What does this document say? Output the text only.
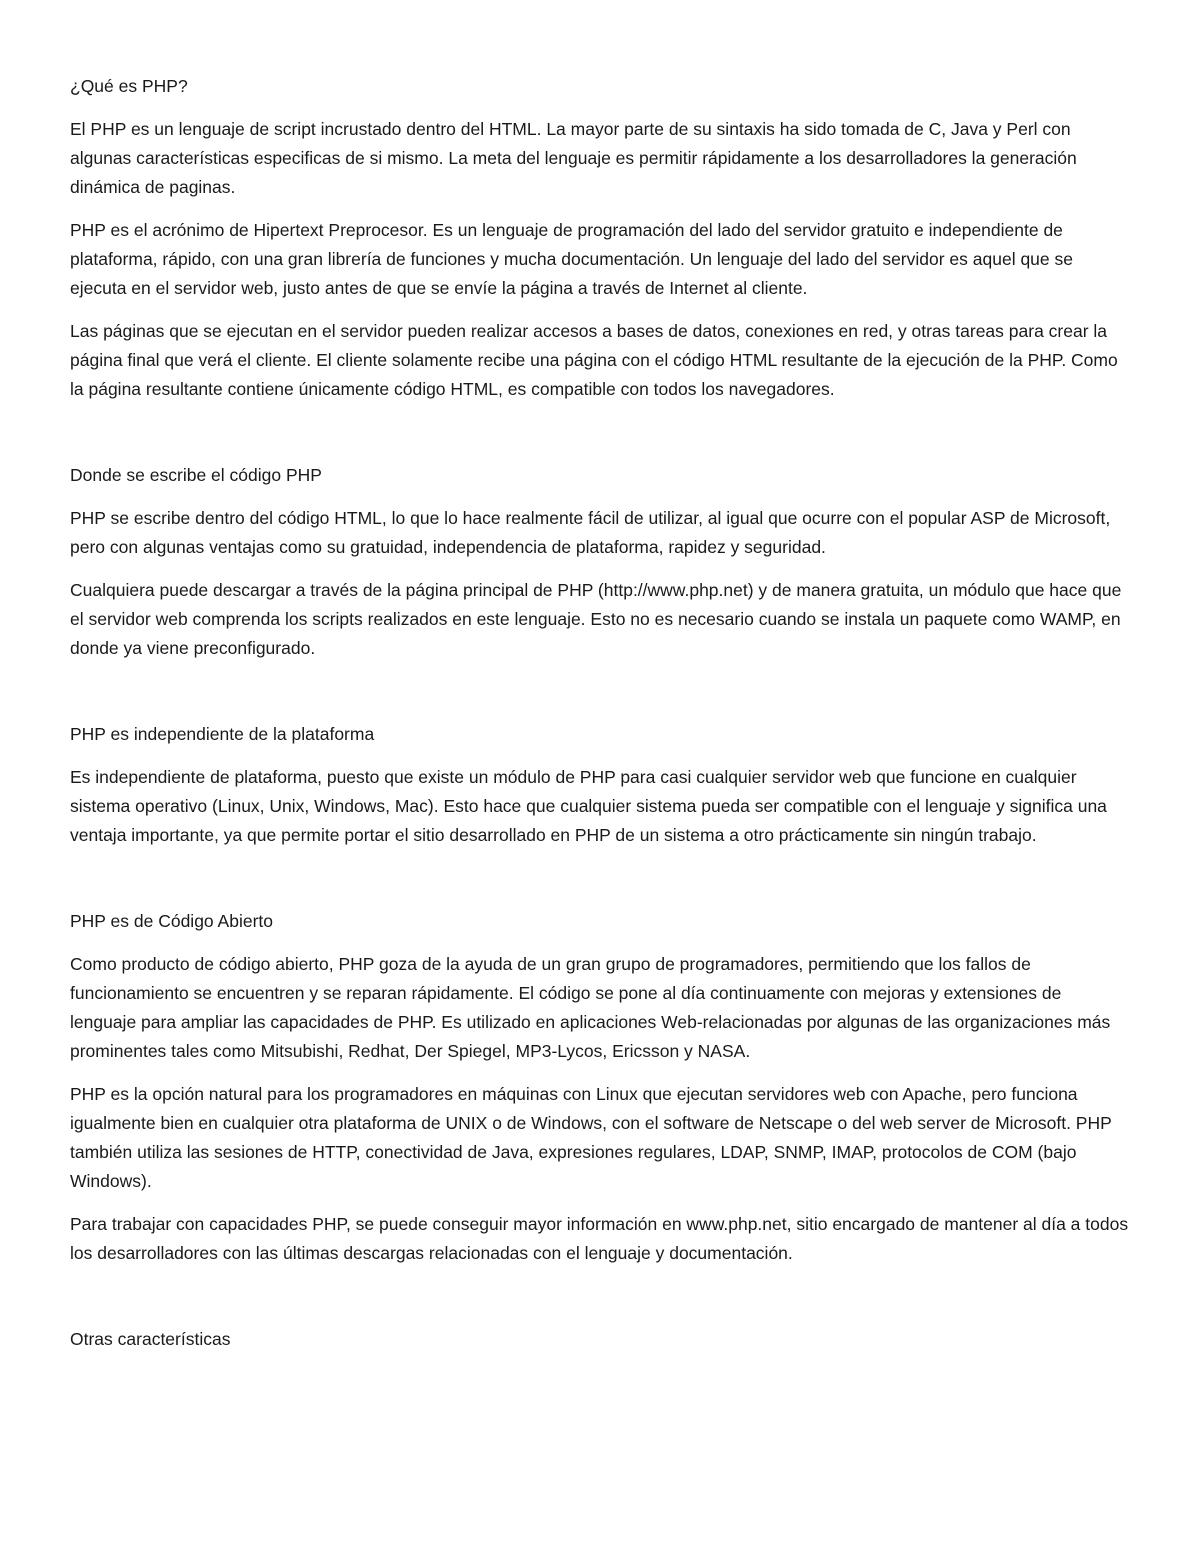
¿Qué es PHP?

El PHP es un lenguaje de script incrustado dentro del HTML. La mayor parte de su sintaxis ha sido tomada de C, Java y Perl con algunas características especificas de si mismo. La meta del lenguaje es permitir rápidamente a los desarrolladores la generación dinámica de paginas.

PHP es el acrónimo de Hipertext Preprocesor. Es un lenguaje de programación del lado del servidor gratuito e independiente de plataforma, rápido, con una gran librería de funciones y mucha documentación. Un lenguaje del lado del servidor es aquel que se ejecuta en el servidor web, justo antes de que se envíe la página a través de Internet al cliente.

Las páginas que se ejecutan en el servidor pueden realizar accesos a bases de datos, conexiones en red, y otras tareas para crear la página final que verá el cliente. El cliente solamente recibe una página con el código HTML resultante de la ejecución de la PHP. Como la página resultante contiene únicamente código HTML, es compatible con todos los navegadores.

Donde se escribe el código PHP

PHP se escribe dentro del código HTML, lo que lo hace realmente fácil de utilizar, al igual que ocurre con el popular ASP de Microsoft, pero con algunas ventajas como su gratuidad, independencia de plataforma, rapidez y seguridad.

Cualquiera puede descargar a través de la página principal de PHP (http://www.php.net) y de manera gratuita, un módulo que hace que el servidor web comprenda los scripts realizados en este lenguaje. Esto no es necesario cuando se instala un paquete como WAMP, en donde ya viene preconfigurado.

PHP es independiente de la plataforma

Es independiente de plataforma, puesto que existe un módulo de PHP para casi cualquier servidor web que funcione en cualquier sistema operativo (Linux, Unix, Windows, Mac). Esto hace que cualquier sistema pueda ser compatible con el lenguaje y significa una ventaja importante, ya que permite portar el sitio desarrollado en PHP de un sistema a otro prácticamente sin ningún trabajo.

PHP es de Código Abierto

Como producto de código abierto, PHP goza de la ayuda de un gran grupo de programadores, permitiendo que los fallos de funcionamiento se encuentren y se reparan rápidamente. El código se pone al día continuamente con mejoras y extensiones de lenguaje para ampliar las capacidades de PHP. Es utilizado en aplicaciones Web-relacionadas por algunas de las organizaciones más prominentes tales como Mitsubishi, Redhat, Der Spiegel, MP3-Lycos, Ericsson y NASA.

PHP es la opción natural para los programadores en máquinas con Linux que ejecutan servidores web con Apache, pero funciona igualmente bien en cualquier otra plataforma de UNIX o de Windows, con el software de Netscape o del web server de Microsoft. PHP también utiliza las sesiones de HTTP, conectividad de Java, expresiones regulares, LDAP, SNMP, IMAP, protocolos de COM (bajo Windows).

Para trabajar con capacidades PHP, se puede conseguir mayor información en www.php.net, sitio encargado de mantener al día a todos los desarrolladores con las últimas descargas relacionadas con el lenguaje y documentación.

Otras características
